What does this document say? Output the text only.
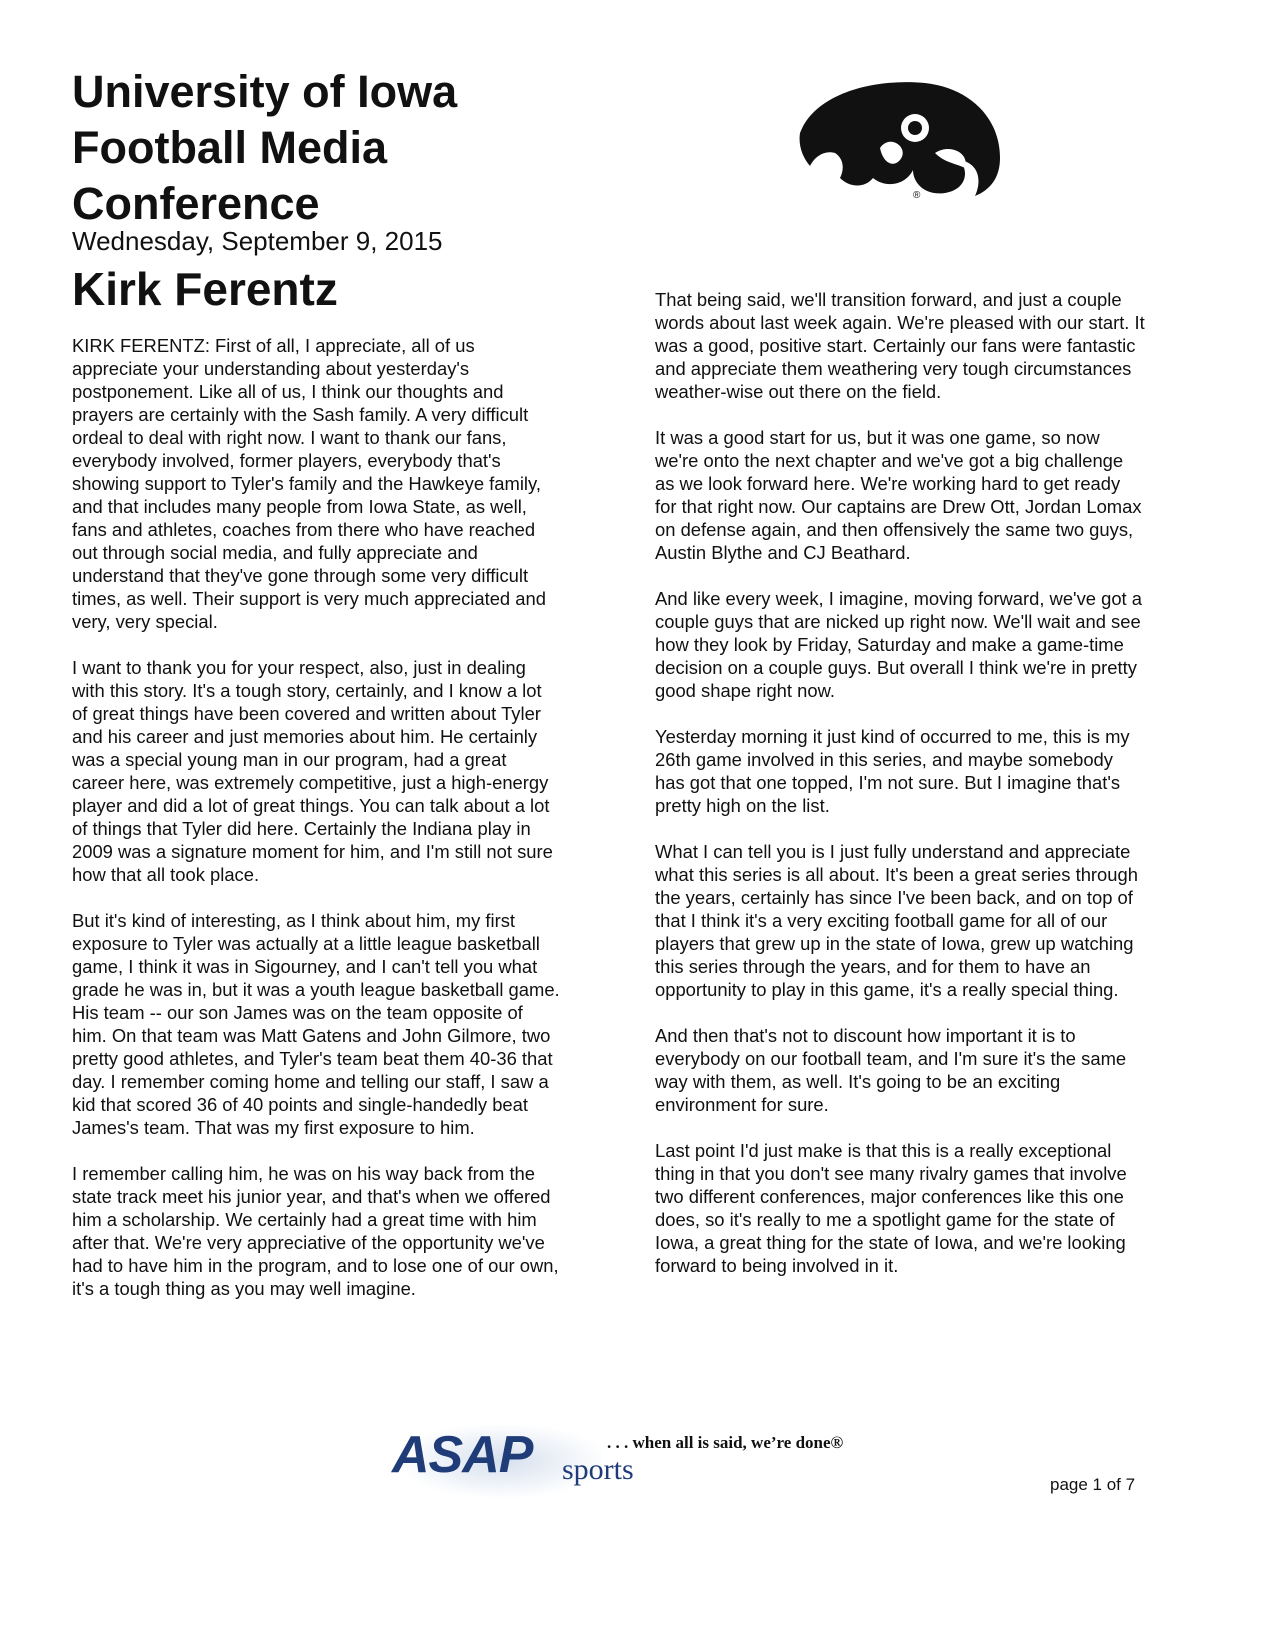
University of Iowa Football Media Conference
Wednesday, September 9, 2015
Kirk Ferentz
®

KIRK FERENTZ: First of all, I appreciate, all of us appreciate your understanding about yesterday's postponement. Like all of us, I think our thoughts and prayers are certainly with the Sash family. A very difficult ordeal to deal with right now. I want to thank our fans, everybody involved, former players, everybody that's showing support to Tyler's family and the Hawkeye family, and that includes many people from Iowa State, as well, fans and athletes, coaches from there who have reached out through social media, and fully appreciate and understand that they've gone through some very difficult times, as well. Their support is very much appreciated and very, very special.

I want to thank you for your respect, also, just in dealing with this story. It's a tough story, certainly, and I know a lot of great things have been covered and written about Tyler and his career and just memories about him. He certainly was a special young man in our program, had a great career here, was extremely competitive, just a high-energy player and did a lot of great things. You can talk about a lot of things that Tyler did here. Certainly the Indiana play in 2009 was a signature moment for him, and I'm still not sure how that all took place.

But it's kind of interesting, as I think about him, my first exposure to Tyler was actually at a little league basketball game, I think it was in Sigourney, and I can't tell you what grade he was in, but it was a youth league basketball game. His team -- our son James was on the team opposite of him. On that team was Matt Gatens and John Gilmore, two pretty good athletes, and Tyler's team beat them 40-36 that day. I remember coming home and telling our staff, I saw a kid that scored 36 of 40 points and single-handedly beat James's team. That was my first exposure to him.

I remember calling him, he was on his way back from the state track meet his junior year, and that's when we offered him a scholarship. We certainly had a great time with him after that. We're very appreciative of the opportunity we've had to have him in the program, and to lose one of our own, it's a tough thing as you may well imagine.

That being said, we'll transition forward, and just a couple words about last week again. We're pleased with our start. It was a good, positive start. Certainly our fans were fantastic and appreciate them weathering very tough circumstances weather-wise out there on the field.

It was a good start for us, but it was one game, so now we're onto the next chapter and we've got a big challenge as we look forward here. We're working hard to get ready for that right now. Our captains are Drew Ott, Jordan Lomax on defense again, and then offensively the same two guys, Austin Blythe and CJ Beathard.

And like every week, I imagine, moving forward, we've got a couple guys that are nicked up right now. We'll wait and see how they look by Friday, Saturday and make a game-time decision on a couple guys. But overall I think we're in pretty good shape right now.

Yesterday morning it just kind of occurred to me, this is my 26th game involved in this series, and maybe somebody has got that one topped, I'm not sure. But I imagine that's pretty high on the list.

What I can tell you is I just fully understand and appreciate what this series is all about. It's been a great series through the years, certainly has since I've been back, and on top of that I think it's a very exciting football game for all of our players that grew up in the state of Iowa, grew up watching this series through the years, and for them to have an opportunity to play in this game, it's a really special thing.

And then that's not to discount how important it is to everybody on our football team, and I'm sure it's the same way with them, as well. It's going to be an exciting environment for sure.

Last point I'd just make is that this is a really exceptional thing in that you don't see many rivalry games that involve two different conferences, major conferences like this one does, so it's really to me a spotlight game for the state of Iowa, a great thing for the state of Iowa, and we're looking forward to being involved in it.

ASAP sports
. . . when all is said, we’re done®
page 1 of 7
